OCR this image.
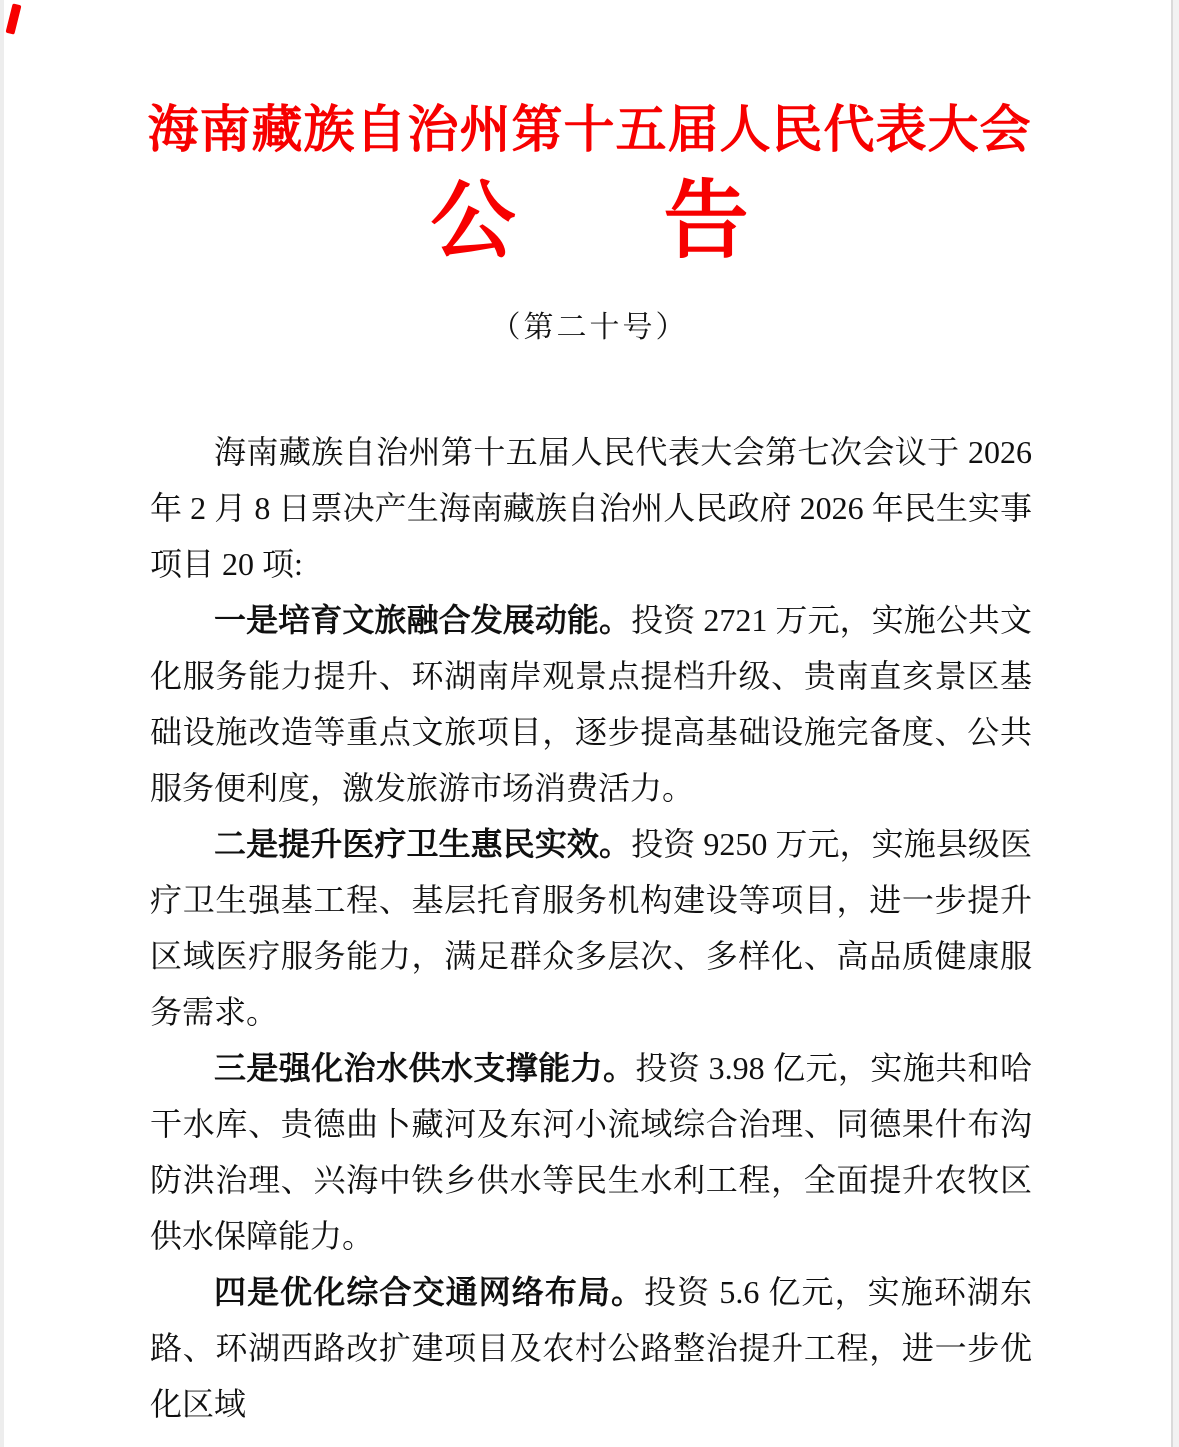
海南藏族自治州第十五届人民代表大会
公 告
（第二十号）

海南藏族自治州第十五届人民代表大会第七次会议于 2026 年 2 月 8 日票决产生海南藏族自治州人民政府 2026 年民生实事项目 20 项:

一是培育文旅融合发展动能。投资 2721 万元，实施公共文化服务能力提升、环湖南岸观景点提档升级、贵南直亥景区基础设施改造等重点文旅项目，逐步提高基础设施完备度、公共服务便利度，激发旅游市场消费活力。

二是提升医疗卫生惠民实效。投资 9250 万元，实施县级医疗卫生强基工程、基层托育服务机构建设等项目，进一步提升区域医疗服务能力，满足群众多层次、多样化、高品质健康服务需求。

三是强化治水供水支撑能力。投资 3.98 亿元，实施共和哈干水库、贵德曲卜藏河及东河小流域综合治理、同德果什布沟防洪治理、兴海中铁乡供水等民生水利工程，全面提升农牧区供水保障能力。

四是优化综合交通网络布局。投资 5.6 亿元，实施环湖东路、环湖西路改扩建项目及农村公路整治提升工程，进一步优化区域
